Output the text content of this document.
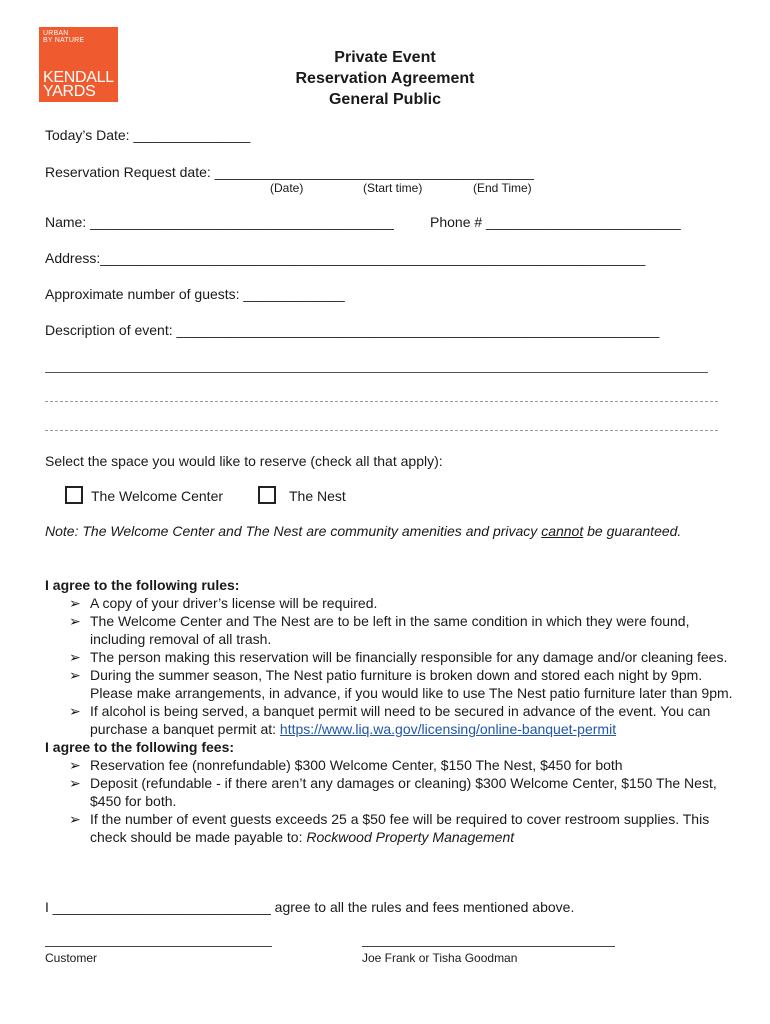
URBAN
BY NATURE
KENDALL
YARDS
Private Event
Reservation Agreement
General Public
Today’s Date: _______________
Reservation Request date: _________________________________________
(Date)	(Start time)	(End Time)
Name: _______________________________________	Phone # _________________________
Address:______________________________________________________________________
Approximate number of guests: _____________
Description of event: ______________________________________________________________
Select the space you would like to reserve (check all that apply):
The Welcome Center	The Nest
Note: The Welcome Center and The Nest are community amenities and privacy cannot be guaranteed.
I agree to the following rules:
➢ A copy of your driver’s license will be required.
➢ The Welcome Center and The Nest are to be left in the same condition in which they were found, including removal of all trash.
➢ The person making this reservation will be financially responsible for any damage and/or cleaning fees.
➢ During the summer season, The Nest patio furniture is broken down and stored each night by 9pm. Please make arrangements, in advance, if you would like to use The Nest patio furniture later than 9pm.
➢ If alcohol is being served, a banquet permit will need to be secured in advance of the event. You can purchase a banquet permit at: https://www.liq.wa.gov/licensing/online-banquet-permit
I agree to the following fees:
➢ Reservation fee (nonrefundable) $300 Welcome Center, $150 The Nest, $450 for both
➢ Deposit (refundable - if there aren’t any damages or cleaning) $300 Welcome Center, $150 The Nest, $450 for both.
➢ If the number of event guests exceeds 25 a $50 fee will be required to cover restroom supplies. This check should be made payable to: Rockwood Property Management
I ____________________________ agree to all the rules and fees mentioned above.
Customer	Joe Frank or Tisha Goodman
